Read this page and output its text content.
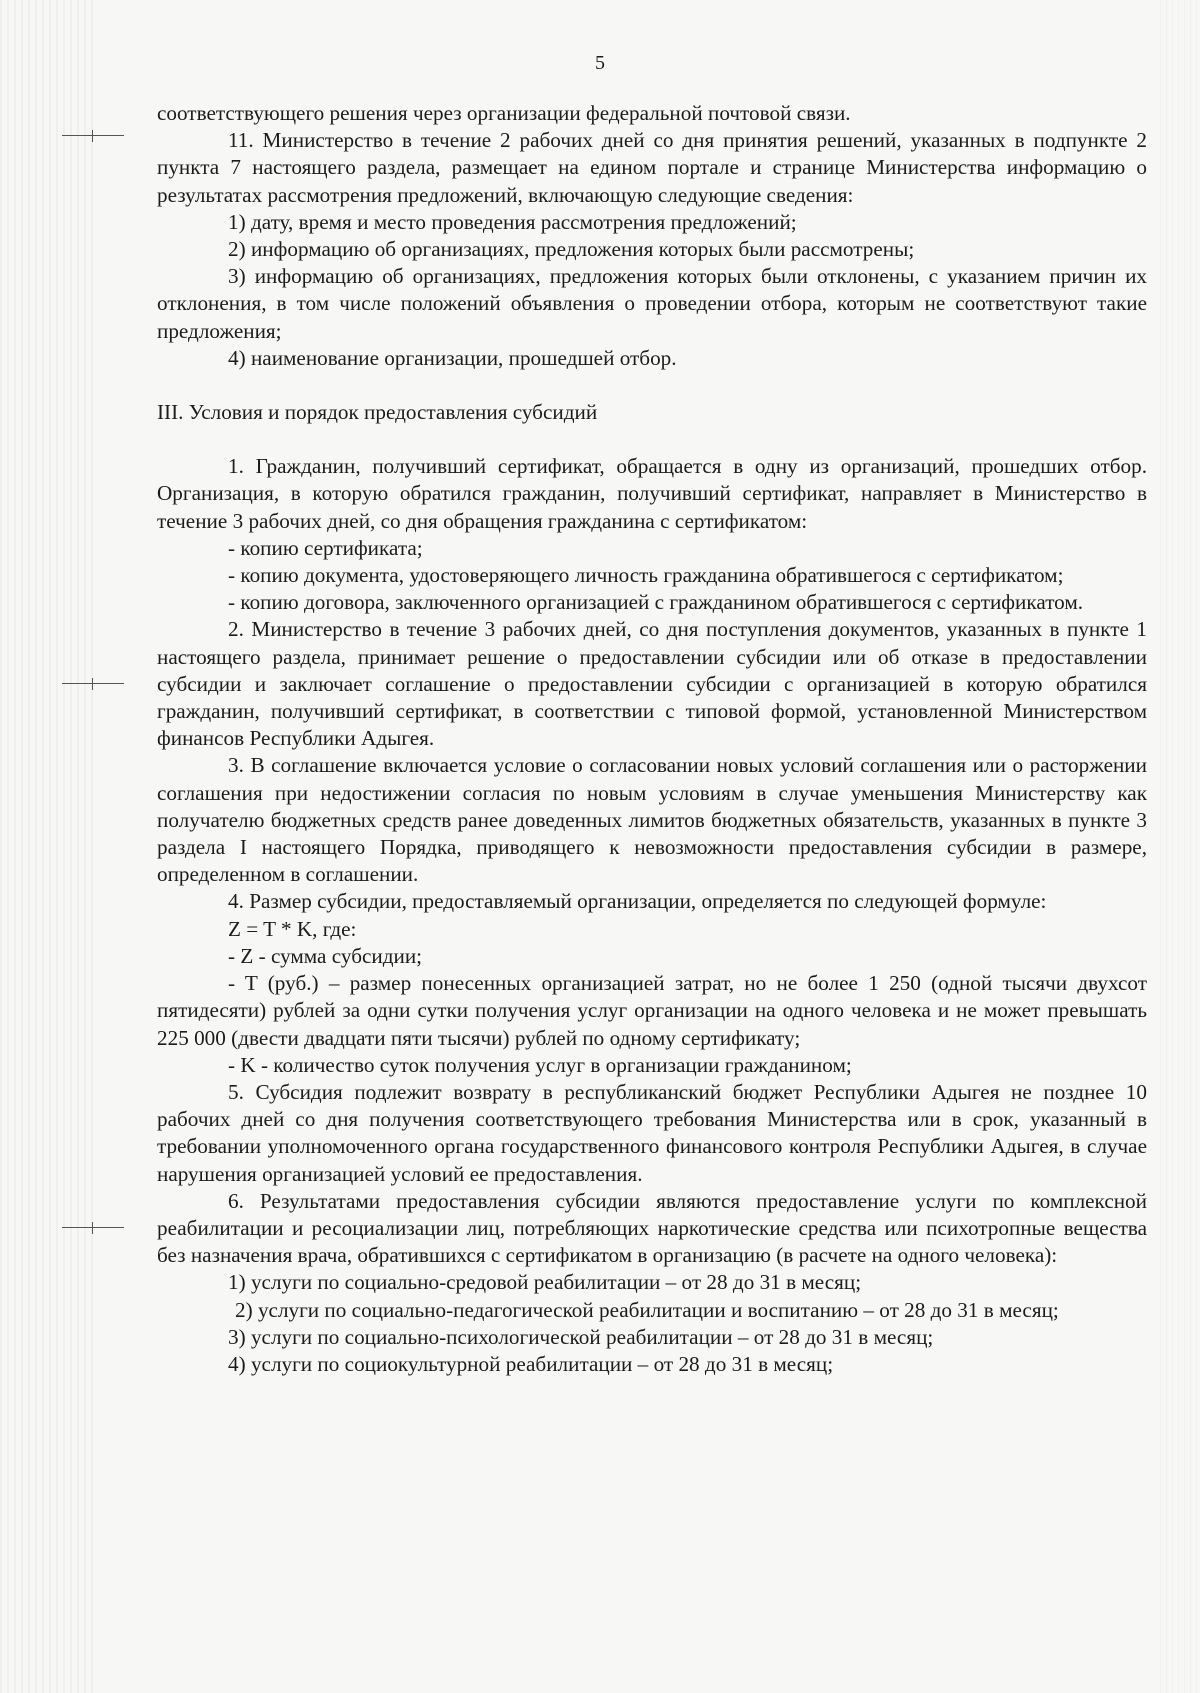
5

соответствующего решения через организации федеральной почтовой связи.

11. Министерство в течение 2 рабочих дней со дня принятия решений, указанных в подпункте 2 пункта 7 настоящего раздела, размещает на едином портале и странице Министерства информацию о результатах рассмотрения предложений, включающую следующие сведения:

1) дату, время и место проведения рассмотрения предложений;

2) информацию об организациях, предложения которых были рассмотрены;

3) информацию об организациях, предложения которых были отклонены, с указанием причин их отклонения, в том числе положений объявления о проведении отбора, которым не соответствуют такие предложения;

4) наименование организации, прошедшей отбор.

III. Условия и порядок предоставления субсидий

1. Гражданин, получивший сертификат, обращается в одну из организаций, прошедших отбор. Организация, в которую обратился гражданин, получивший сертификат, направляет в Министерство в течение 3 рабочих дней, со дня обращения гражданина с сертификатом:

- копию сертификата;

- копию документа, удостоверяющего личность гражданина обратившегося с сертификатом;

- копию договора, заключенного организацией с гражданином обратившегося с сертификатом.

2. Министерство в течение 3 рабочих дней, со дня поступления документов, указанных в пункте 1 настоящего раздела, принимает решение о предоставлении субсидии или об отказе в предоставлении субсидии и заключает соглашение о предоставлении субсидии с организацией в которую обратился гражданин, получивший сертификат, в соответствии с типовой формой, установленной Министерством финансов Республики Адыгея.

3. В соглашение включается условие о согласовании новых условий соглашения или о расторжении соглашения при недостижении согласия по новым условиям в случае уменьшения Министерству как получателю бюджетных средств ранее доведенных лимитов бюджетных обязательств, указанных в пункте 3 раздела I настоящего Порядка, приводящего к невозможности предоставления субсидии в размере, определенном в соглашении.

4. Размер субсидии, предоставляемый организации, определяется по следующей формуле:

Z = T * K, где:

- Z - сумма субсидии;

- T (руб.) – размер понесенных организацией затрат, но не более 1 250 (одной тысячи двухсот пятидесяти) рублей за одни сутки получения услуг организации на одного человека и не может превышать 225 000 (двести двадцати пяти тысячи) рублей по одному сертификату;

- K - количество суток получения услуг в организации гражданином;

5. Субсидия подлежит возврату в республиканский бюджет Республики Адыгея не позднее 10 рабочих дней со дня получения соответствующего требования Министерства или в срок, указанный в требовании уполномоченного органа государственного финансового контроля Республики Адыгея, в случае нарушения организацией условий ее предоставления.

6. Результатами предоставления субсидии являются предоставление услуги по комплексной реабилитации и ресоциализации лиц, потребляющих наркотические средства или психотропные вещества без назначения врача, обратившихся с сертификатом в организацию (в расчете на одного человека):

1) услуги по социально-средовой реабилитации – от 28 до 31 в месяц;

2) услуги по социально-педагогической реабилитации и воспитанию – от 28 до 31 в месяц;

3) услуги по социально-психологической реабилитации – от 28 до 31 в месяц;

4) услуги по социокультурной реабилитации – от 28 до 31 в месяц;
